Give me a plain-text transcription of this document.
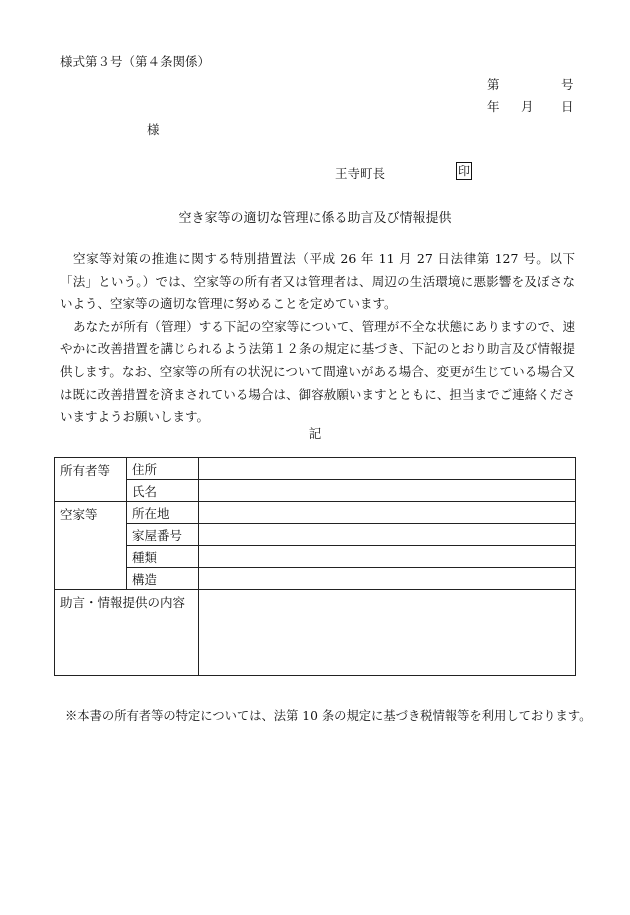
様式第３号（第４条関係）
第	号
年 月 日
様
王寺町長	印
空き家等の適切な管理に係る助言及び情報提供

空家等対策の推進に関する特別措置法（平成 26 年 11 月 27 日法律第 127 号。以下「法」という。）では、空家等の所有者又は管理者は、周辺の生活環境に悪影響を及ぼさないよう、空家等の適切な管理に努めることを定めています。

あなたが所有（管理）する下記の空家等について、管理が不全な状態にありますので、速やかに改善措置を講じられるよう法第１２条の規定に基づき、下記のとおり助言及び情報提供します。なお、空家等の所有の状況について間違いがある場合、変更が生じている場合又は既に改善措置を済まされている場合は、御容赦願いますとともに、担当までご連絡くださいますようお願いします。

記
所有者等	住所	
	氏名	
空家等	所在地	
	家屋番号	
	種類	
	構造	
助言・情報提供の内容		
※本書の所有者等の特定については、法第 10 条の規定に基づき税情報等を利用しております。
